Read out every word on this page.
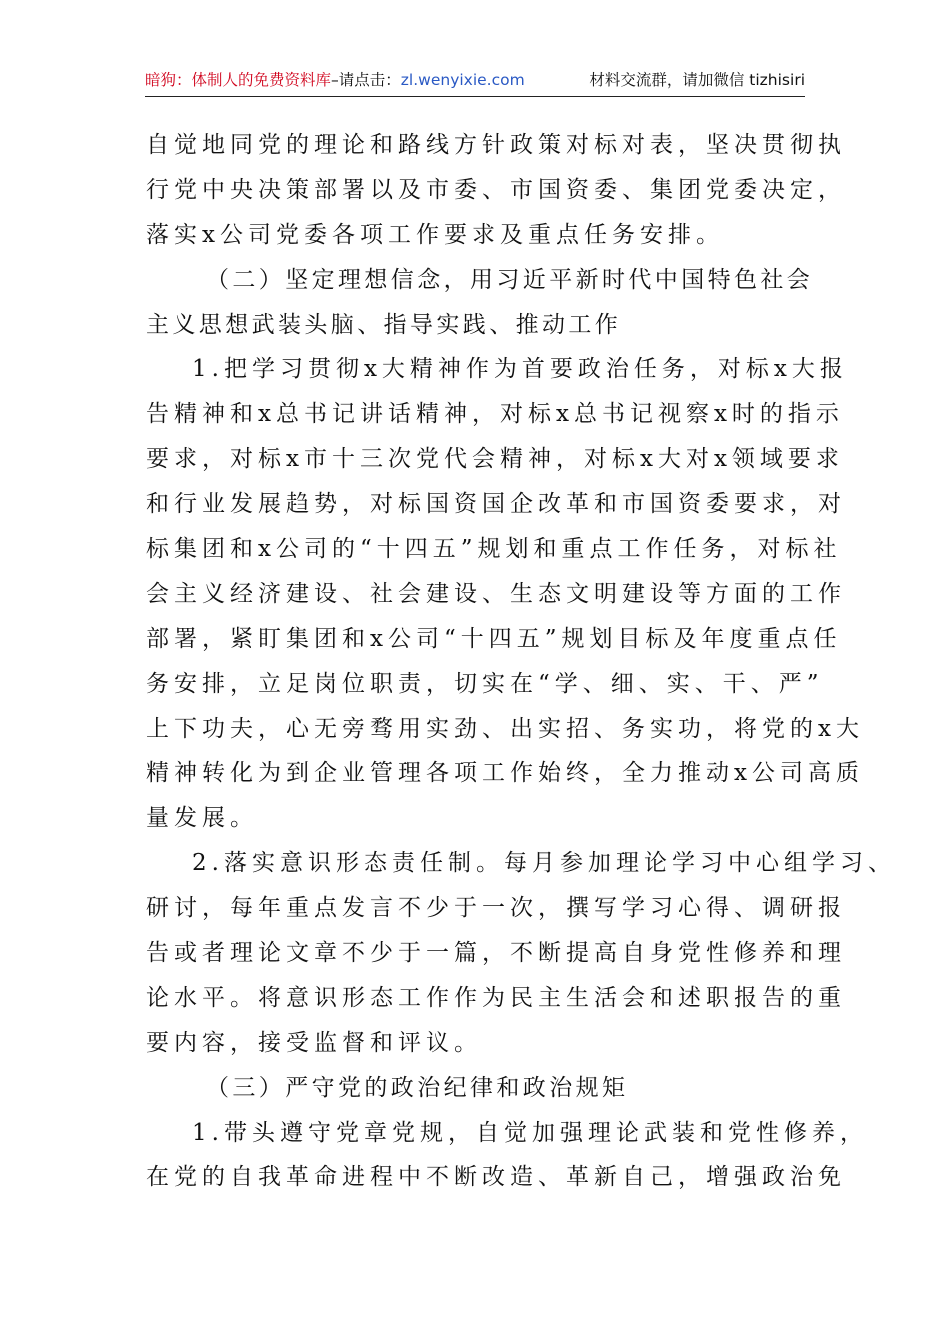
暗狗：体制人的免费资料库–请点击：zl.wenyixie.com	材料交流群，请加微信 tizhisiri
自觉地同党的理论和路线方针政策对标对表，坚决贯彻执
行党中央决策部署以及市委、市国资委、集团党委决定，
落实x公司党委各项工作要求及重点任务安排。
（二）坚定理想信念，用习近平新时代中国特色社会
主义思想武装头脑、指导实践、推动工作
1.把学习贯彻x大精神作为首要政治任务，对标x大报
告精神和x总书记讲话精神，对标x总书记视察x时的指示
要求，对标x市十三次党代会精神，对标x大对x领域要求
和行业发展趋势，对标国资国企改革和市国资委要求，对
标集团和x公司的“十四五”规划和重点工作任务，对标社
会主义经济建设、社会建设、生态文明建设等方面的工作
部署，紧盯集团和x公司“十四五”规划目标及年度重点任
务安排，立足岗位职责，切实在“学、细、实、干、严”
上下功夫，心无旁骛用实劲、出实招、务实功，将党的x大
精神转化为到企业管理各项工作始终，全力推动x公司高质
量发展。
2.落实意识形态责任制。每月参加理论学习中心组学习、
研讨，每年重点发言不少于一次，撰写学习心得、调研报
告或者理论文章不少于一篇，不断提高自身党性修养和理
论水平。将意识形态工作作为民主生活会和述职报告的重
要内容，接受监督和评议。
（三）严守党的政治纪律和政治规矩
1.带头遵守党章党规，自觉加强理论武装和党性修养，
在党的自我革命进程中不断改造、革新自己，增强政治免
